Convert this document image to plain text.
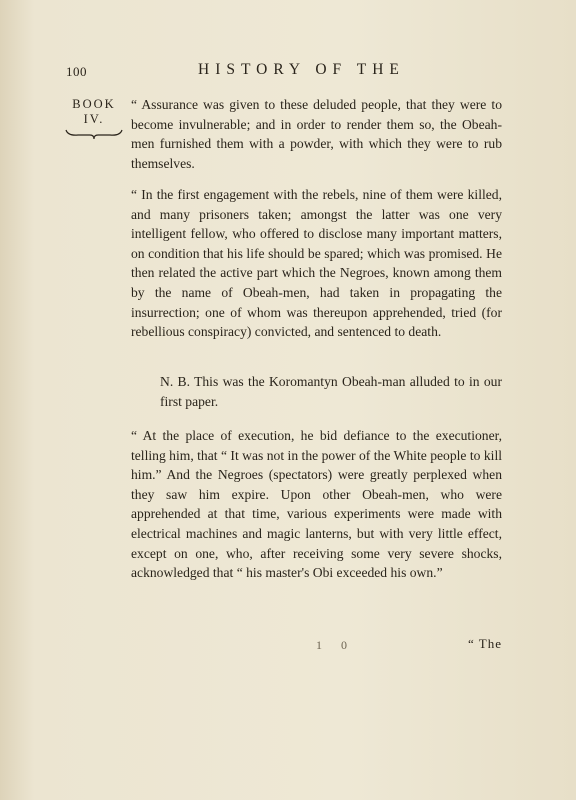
100	HISTORY OF THE
BOOK
IV.
“ Assurance was given to these deluded people, that they were to become invulnerable; and in order to render them so, the Obeah-men furnished them with a powder, with which they were to rub themselves.
“ In the first engagement with the rebels, nine of them were killed, and many prisoners taken; amongst the latter was one very intelligent fellow, who offered to disclose many important matters, on condition that his life should be spared; which was promised. He then related the active part which the Negroes, known among them by the name of Obeah-men, had taken in propagating the insurrection; one of whom was thereupon apprehended, tried (for rebellious conspiracy) convicted, and sentenced to death.
N. B. This was the Koromantyn Obeah-man alluded to in our first paper.
“ At the place of execution, he bid defiance to the executioner, telling him, that “ It was not in the power of the White people to kill him.” And the Negroes (spectators) were greatly perplexed when they saw him expire. Upon other Obeah-men, who were apprehended at that time, various experiments were made with electrical machines and magic lanterns, but with very little effect, except on one, who, after receiving some very severe shocks, acknowledged that “ his master's Obi exceeded his own.”
1 0	“ The
